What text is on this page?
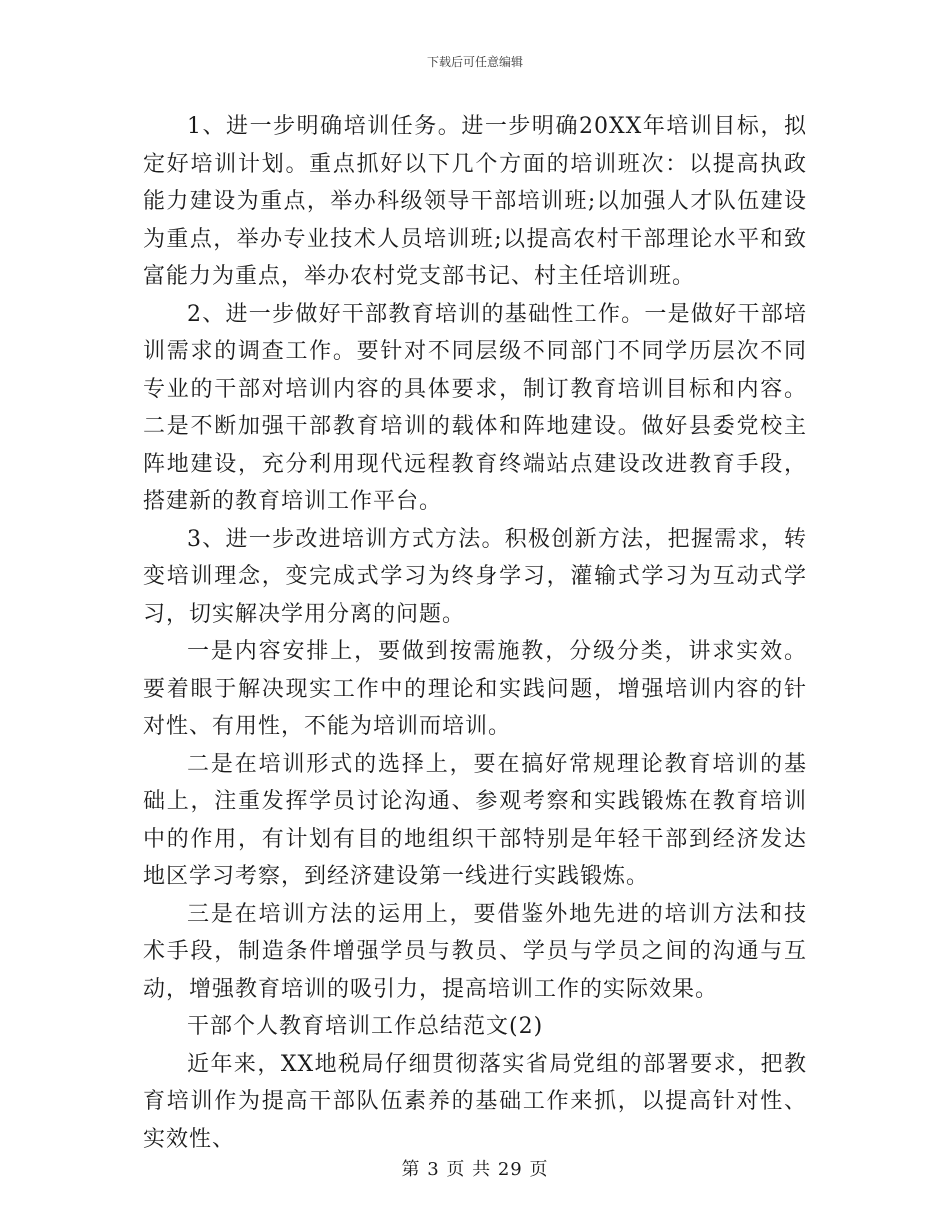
下载后可任意编辑

1、进一步明确培训任务。进一步明确20XX年培训目标，拟定好培训计划。重点抓好以下几个方面的培训班次：以提高执政能力建设为重点，举办科级领导干部培训班;以加强人才队伍建设为重点，举办专业技术人员培训班;以提高农村干部理论水平和致富能力为重点，举办农村党支部书记、村主任培训班。

2、进一步做好干部教育培训的基础性工作。一是做好干部培训需求的调查工作。要针对不同层级不同部门不同学历层次不同专业的干部对培训内容的具体要求，制订教育培训目标和内容。二是不断加强干部教育培训的载体和阵地建设。做好县委党校主阵地建设，充分利用现代远程教育终端站点建设改进教育手段，搭建新的教育培训工作平台。

3、进一步改进培训方式方法。积极创新方法，把握需求，转变培训理念，变完成式学习为终身学习，灌输式学习为互动式学习，切实解决学用分离的问题。

一是内容安排上，要做到按需施教，分级分类，讲求实效。要着眼于解决现实工作中的理论和实践问题，增强培训内容的针对性、有用性，不能为培训而培训。

二是在培训形式的选择上，要在搞好常规理论教育培训的基础上，注重发挥学员讨论沟通、参观考察和实践锻炼在教育培训中的作用，有计划有目的地组织干部特别是年轻干部到经济发达地区学习考察，到经济建设第一线进行实践锻炼。

三是在培训方法的运用上，要借鉴外地先进的培训方法和技术手段，制造条件增强学员与教员、学员与学员之间的沟通与互动，增强教育培训的吸引力，提高培训工作的实际效果。

干部个人教育培训工作总结范文(2)

近年来，XX地税局仔细贯彻落实省局党组的部署要求，把教育培训作为提高干部队伍素养的基础工作来抓，以提高针对性、实效性、

第 3 页 共 29 页
